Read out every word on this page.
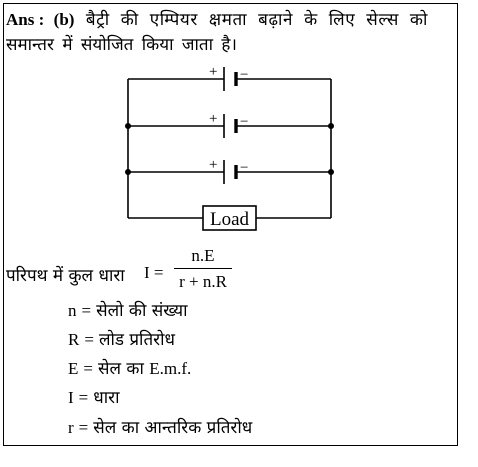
Ans : (b) बैट्री की एम्पियर क्षमता बढ़ाने के लिए सेल्स को
समान्तर में संयोजित किया जाता है।
+ −
+ −
+ −
Load
परिपथ में कुल धारा I =
n.E
r + n.R
n = सेलो की संख्या
R = लोड प्रतिरोध
E = सेल का E.m.f.
I = धारा
r = सेल का आन्तरिक प्रतिरोध
